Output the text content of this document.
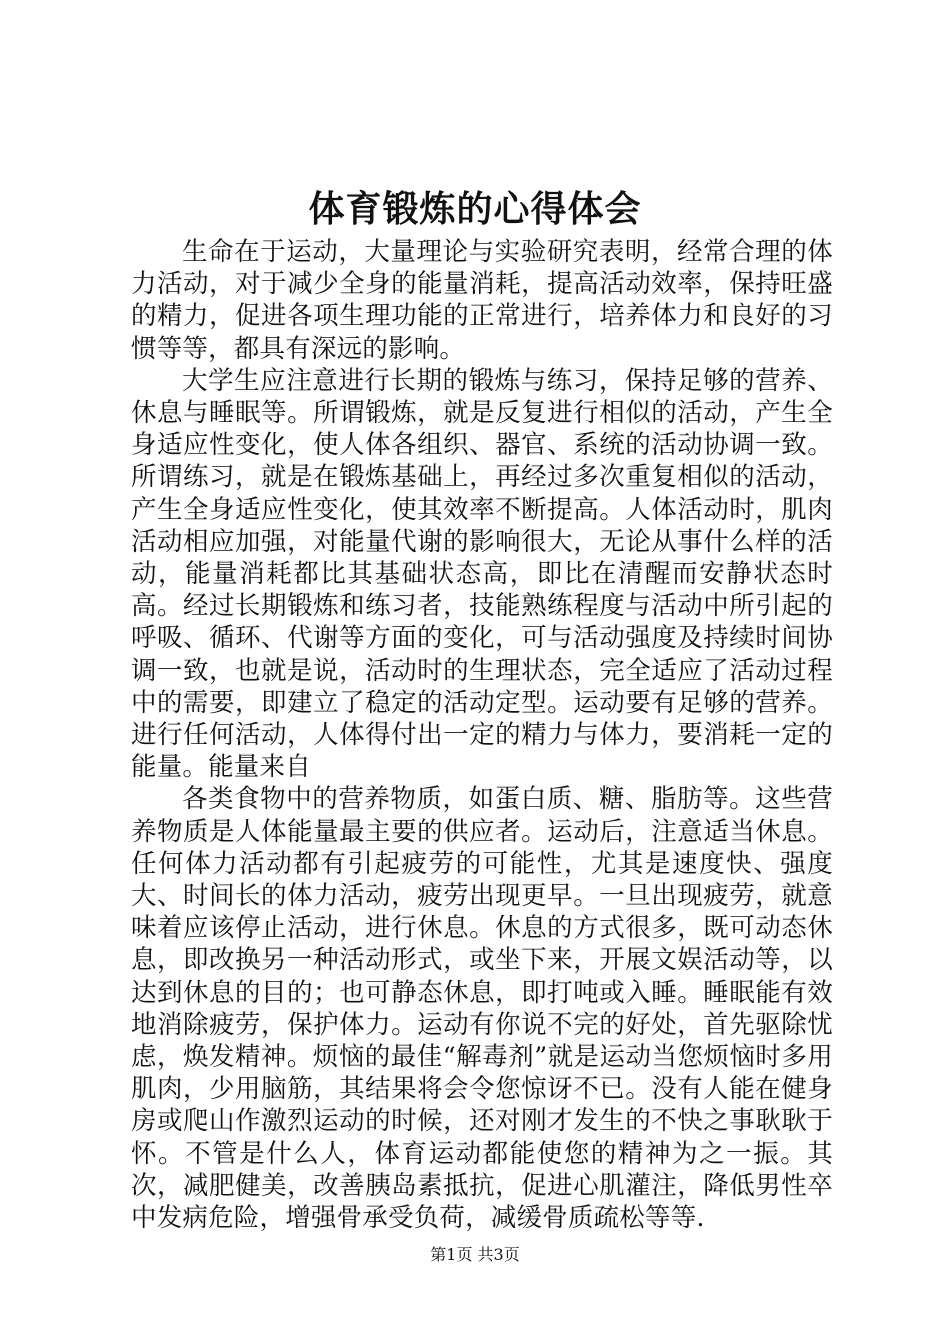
体育锻炼的心得体会

生命在于运动，大量理论与实验研究表明，经常合理的体力活动，对于减少全身的能量消耗，提高活动效率，保持旺盛的精力，促进各项生理功能的正常进行，培养体力和良好的习惯等等，都具有深远的影响。

大学生应注意进行长期的锻炼与练习，保持足够的营养、休息与睡眠等。所谓锻炼，就是反复进行相似的活动，产生全身适应性变化，使人体各组织、器官、系统的活动协调一致。所谓练习，就是在锻炼基础上，再经过多次重复相似的活动，产生全身适应性变化，使其效率不断提高。人体活动时，肌肉活动相应加强，对能量代谢的影响很大，无论从事什么样的活动，能量消耗都比其基础状态高，即比在清醒而安静状态时高。经过长期锻炼和练习者，技能熟练程度与活动中所引起的呼吸、循环、代谢等方面的变化，可与活动强度及持续时间协调一致，也就是说，活动时的生理状态，完全适应了活动过程中的需要，即建立了稳定的活动定型。运动要有足够的营养。进行任何活动，人体得付出一定的精力与体力，要消耗一定的能量。能量来自

各类食物中的营养物质，如蛋白质、糖、脂肪等。这些营养物质是人体能量最主要的供应者。运动后，注意适当休息。任何体力活动都有引起疲劳的可能性，尤其是速度快、强度大、时间长的体力活动，疲劳出现更早。一旦出现疲劳，就意味着应该停止活动，进行休息。休息的方式很多，既可动态休息，即改换另一种活动形式，或坐下来，开展文娱活动等，以达到休息的目的；也可静态休息，即打吨或入睡。睡眠能有效地消除疲劳，保护体力。运动有你说不完的好处，首先驱除忧虑，焕发精神。烦恼的最佳“解毒剂”就是运动当您烦恼时多用肌肉，少用脑筋，其结果将会令您惊讶不已。没有人能在健身房或爬山作激烈运动的时候，还对刚才发生的不快之事耿耿于怀。不管是什么人，体育运动都能使您的精神为之一振。其次，减肥健美，改善胰岛素抵抗，促进心肌灌注，降低男性卒中发病危险，增强骨承受负荷，减缓骨质疏松等等.

第1页 共3页
